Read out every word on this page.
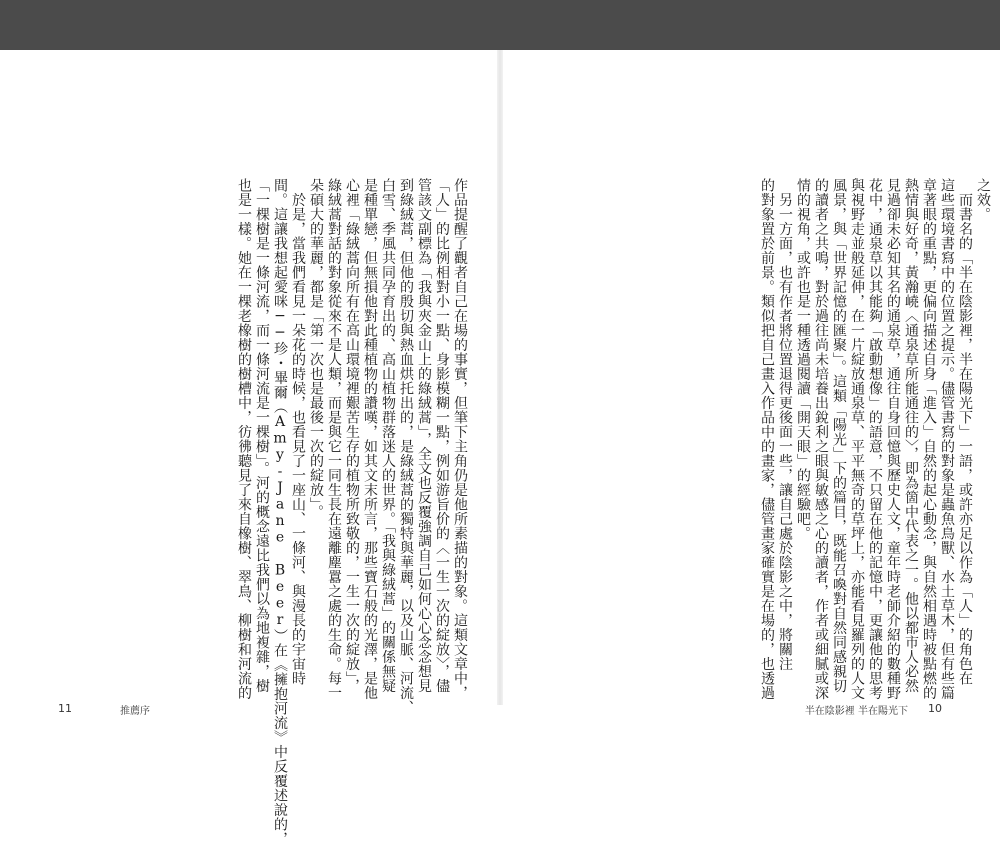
作品提醒了觀者自己在場的事實，但筆下主角仍是他所素描的對象。這類文章中，
「人」的比例相對小一點、身影模糊一點，例如游旨价的〈一生一次的綻放〉，儘
管該文副標為「我與夾金山上的綠絨蒿」，全文也反覆強調自己如何心心念念想見
到綠絨蒿，但他的殷切與熱血烘托出的，是綠絨蒿的獨特與華麗，以及山脈、河流、
白雪、季風共同孕育出的、高山植物群落迷人的世界。「我與綠絨蒿」的關係無疑
是種單戀，但無損他對此種植物的讚嘆，如其文末所言，那些寶石般的光澤，是他
心裡「綠絨蒿向所有在高山環境裡艱苦生存的植物所致敬的，一生一次的綻放」，
綠絨蒿對話的對象從來不是人類，而是與它一同生長在遠離塵囂之處的生命。每一
朵碩大的華麗，都是「第一次也是最後一次的綻放」。
　於是，當我們看見一朵花的時候，也看見了一座山、一條河、與漫長的宇宙時
間。這讓我想起愛咪──珍・畢爾（Amy-Jane Beer）在《擁抱河流》中反覆述說的，
「一棵樹是一條河流，而一條河流是一棵樹」。河的概念遠比我們以為地複雜，樹
也是一樣。她在一棵老橡樹的樹槽中，彷彿聽見了來自橡樹、翠鳥、柳樹和河流的
11	推薦序
之效。
　而書名的「半在陰影裡，半在陽光下」一語，或許亦足以作為「人」的角色在
這些環境書寫中的位置之提示。儘管書寫的對象是蟲魚鳥獸、水土草木，但有些篇
章著眼的重點，更偏向描述自身「進入」自然的起心動念，與自然相遇時被點燃的
熱情與好奇，黃瀚嶢〈通泉草所能通往的〉，即為箇中代表之一。他以都市人必然
見過卻未必知其名的通泉草，通往自身回憶與歷史人文，童年時老師介紹的數種野
花中，通泉草以其能夠「啟動想像」的語意，不只留在他的記憶中，更讓他的思考
與視野走並般延伸，在一片綻放通泉草、平平無奇的草坪上，亦能看見羅列的人文
風景，與「世界記憶的匯聚」。這類「陽光」下的篇目，既能召喚對自然同感親切
的讀者之共鳴，對於過往尚未培養出銳利之眼與敏感之心的讀者，作者或細膩或深
情的視角，或許也是一種透過閱讀「開天眼」的經驗吧。
　另一方面，也有作者將位置退得更後面一些，讓自己處於陰影之中，將關注
的對象置於前景。類似把自己畫入作品中的畫家，儘管畫家確實是在場的，也透過
半在陰影裡 半在陽光下 10
